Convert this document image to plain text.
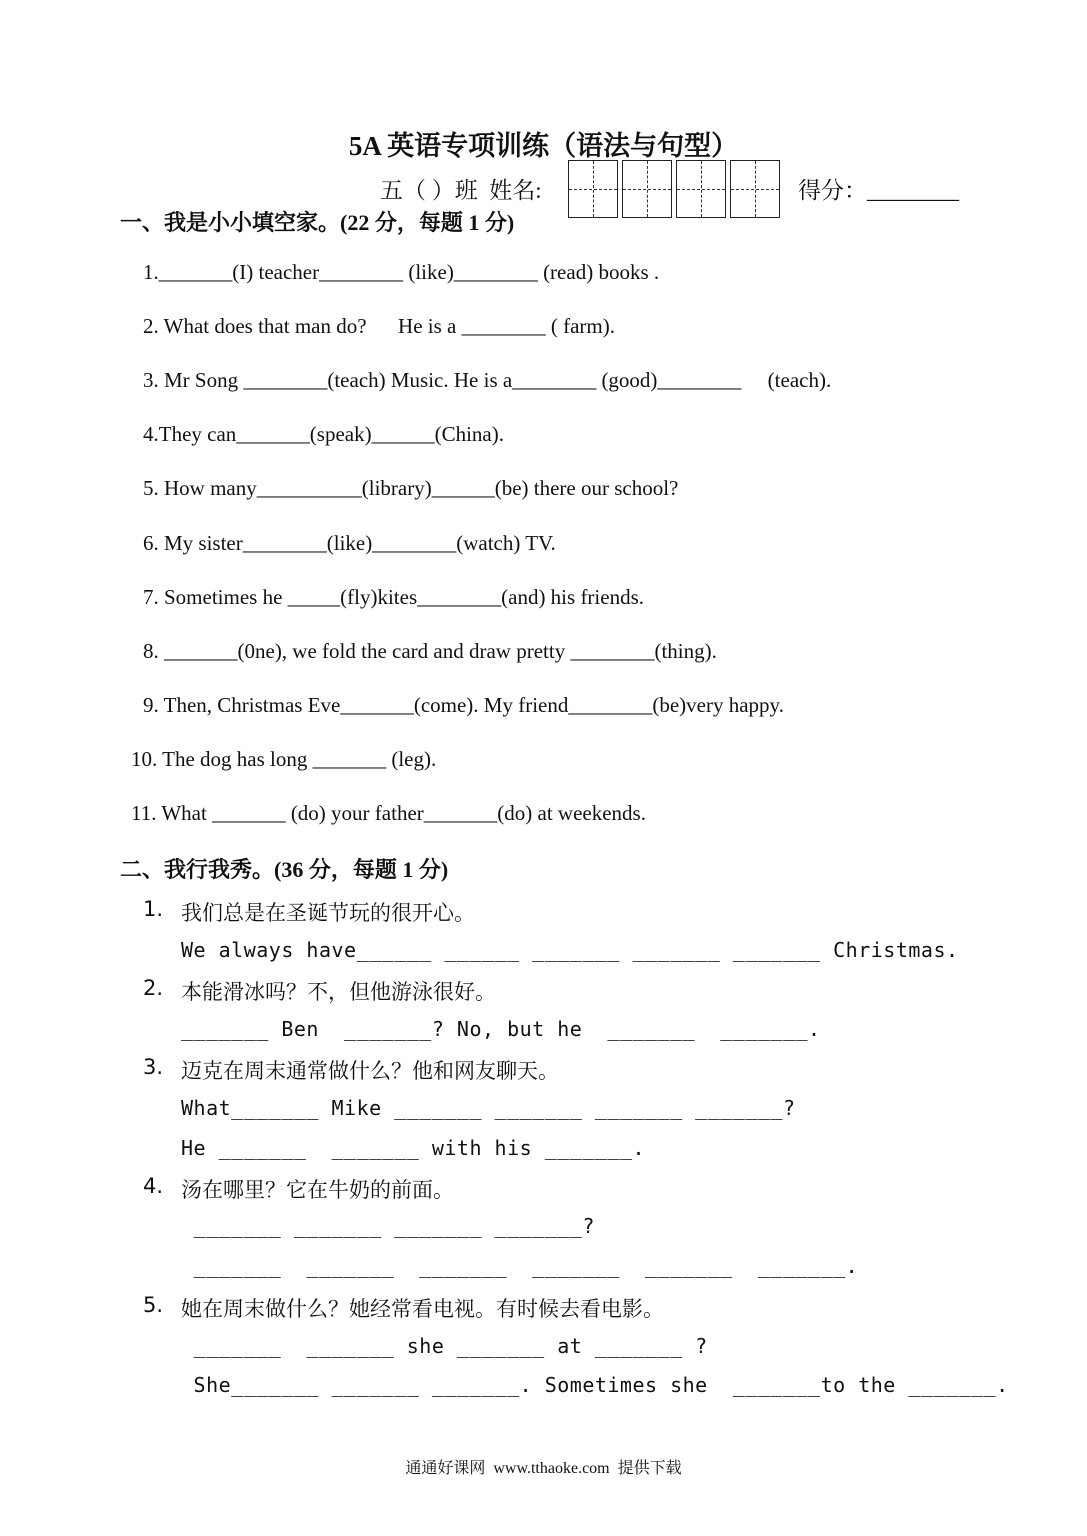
5A 英语专项训练（语法与句型）
五（ ）班  姓名:	得分：________
一、我是小小填空家。(22 分，每题 1 分)
1._______(I) teacher________ (like)________ (read) books .
2. What does that man do?      He is a ________ ( farm).
3. Mr Song ________(teach) Music. He is a________ (good)________     (teach).
4.They can_______(speak)______(China).
5. How many__________(library)______(be) there our school?
6. My sister________(like)________(watch) TV.
7. Sometimes he _____(fly)kites________(and) his friends.
8. _______(0ne), we fold the card and draw pretty ________(thing).
9. Then, Christmas Eve_______(come). My friend________(be)very happy.
10. The dog has long _______ (leg).
11. What _______ (do) your father_______(do) at weekends.
二、我行我秀。(36 分，每题 1 分)
1. 我们总是在圣诞节玩的很开心。
We always have______ ______ _______ _______ _______ Christmas.
2. 本能滑冰吗？不，但他游泳很好。
_______ Ben  _______? No, but he  _______  _______.
3. 迈克在周末通常做什么？他和网友聊天。
What_______ Mike _______ _______ _______ _______?
He _______  _______ with his _______.
4. 汤在哪里？它在牛奶的前面。
_______ _______ _______ _______?
_______  _______  _______  _______  _______  _______.
5. 她在周末做什么？她经常看电视。有时候去看电影。
_______  _______ she _______ at _______ ?
She_______ _______ _______. Sometimes she  _______to the _______.
通通好课网  www.tthaoke.com  提供下载
